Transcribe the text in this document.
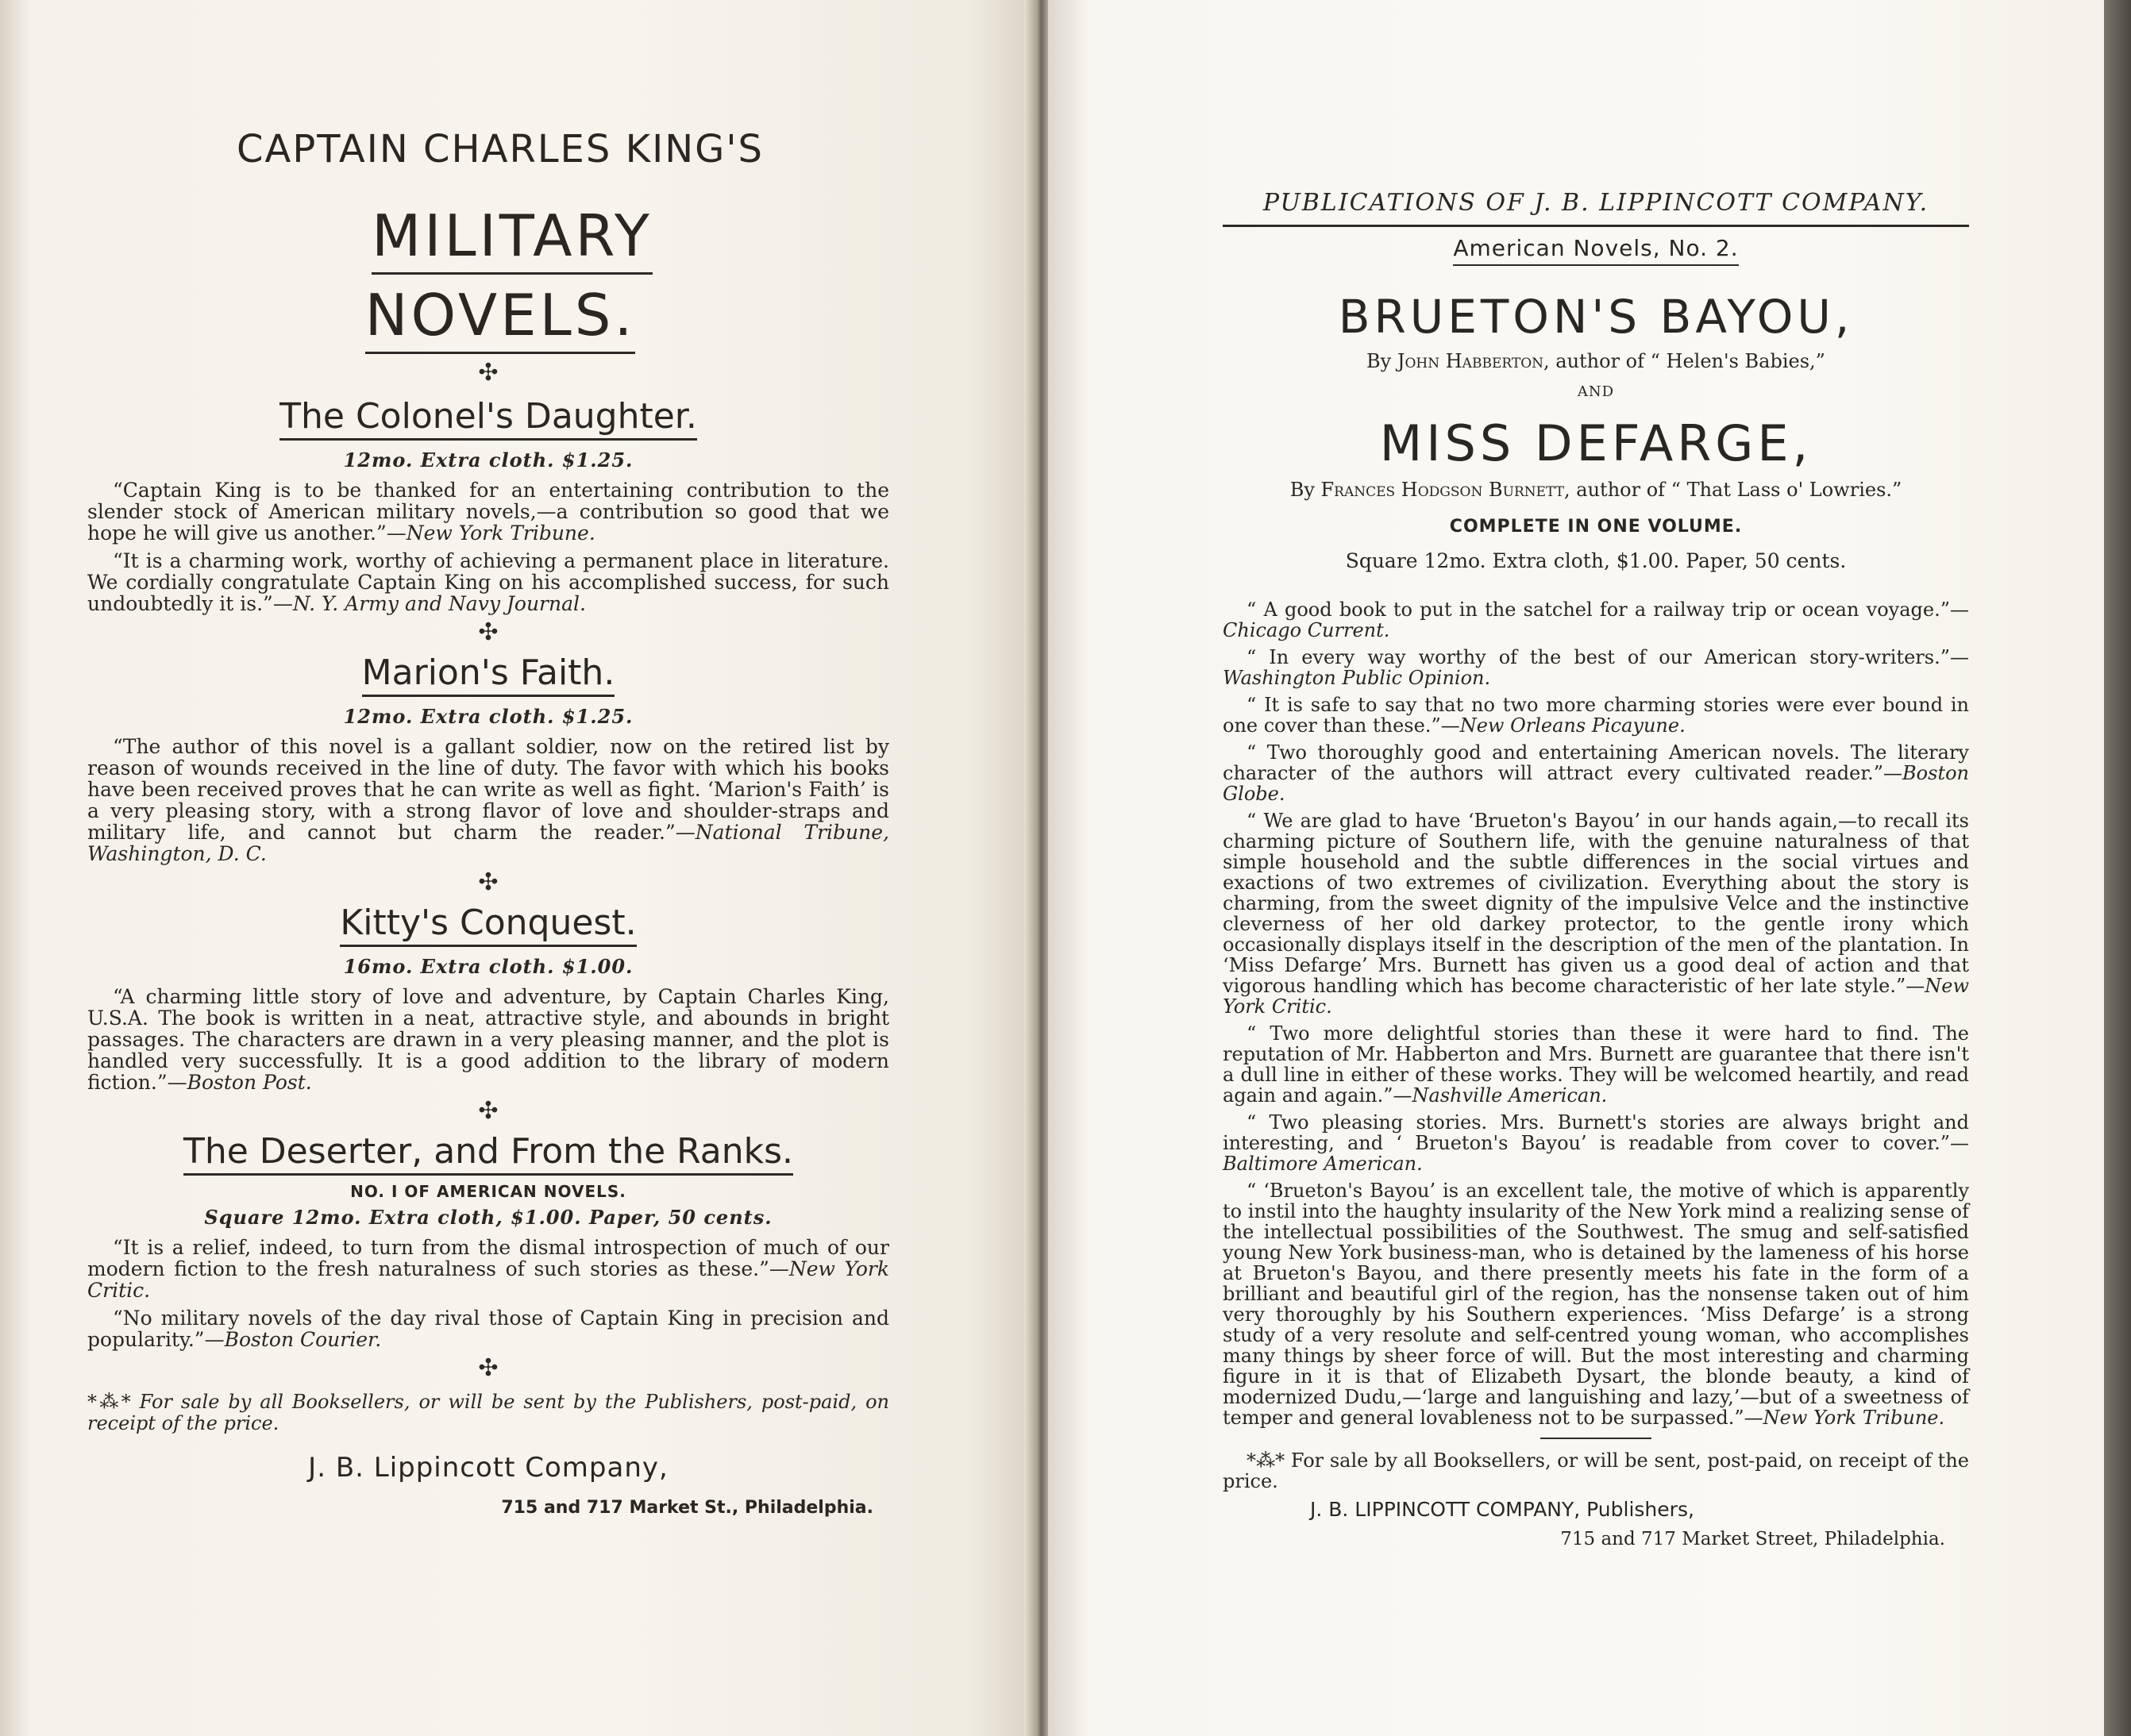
CAPTAIN CHARLES KING'S
MILITARY
NOVELS.
✣
The Colonel's Daughter.
12mo. Extra cloth. $1.25.

“Captain King is to be thanked for an entertaining contribution to the slender stock of American military novels,—a contribution so good that we hope he will give us another.”—New York Tribune.

“It is a charming work, worthy of achieving a permanent place in literature. We cordially congratulate Captain King on his accomplished success, for such undoubtedly it is.”—N. Y. Army and Navy Journal.

✣
Marion's Faith.
12mo. Extra cloth. $1.25.

“The author of this novel is a gallant soldier, now on the retired list by reason of wounds received in the line of duty. The favor with which his books have been received proves that he can write as well as fight. ‘Marion's Faith’ is a very pleasing story, with a strong flavor of love and shoulder-straps and military life, and cannot but charm the reader.”—National Tribune, Washington, D. C.

✣
Kitty's Conquest.
16mo. Extra cloth. $1.00.

“A charming little story of love and adventure, by Captain Charles King, U.S.A. The book is written in a neat, attractive style, and abounds in bright passages. The characters are drawn in a very pleasing manner, and the plot is handled very successfully. It is a good addition to the library of modern fiction.”—Boston Post.

✣
The Deserter, and From the Ranks.
NO. I OF AMERICAN NOVELS.
Square 12mo. Extra cloth, $1.00. Paper, 50 cents.

“It is a relief, indeed, to turn from the dismal introspection of much of our modern fiction to the fresh naturalness of such stories as these.”—New York Critic.

“No military novels of the day rival those of Captain King in precision and popularity.”—Boston Courier.

✣
*⁂* For sale by all Booksellers, or will be sent by the Publishers, post-paid, on receipt of the price.
J. B. Lippincott Company,
715 and 717 Market St., Philadelphia.
PUBLICATIONS OF J. B. LIPPINCOTT COMPANY.
American Novels, No. 2.
BRUETON'S BAYOU,
By John Habberton, author of “ Helen's Babies,”
AND
MISS DEFARGE,
By Frances Hodgson Burnett, author of “ That Lass o' Lowries.”
COMPLETE IN ONE VOLUME.
Square 12mo. Extra cloth, $1.00. Paper, 50 cents.

“ A good book to put in the satchel for a railway trip or ocean voyage.”—Chicago Current.

“ In every way worthy of the best of our American story-writers.”—Washington Public Opinion.

“ It is safe to say that no two more charming stories were ever bound in one cover than these.”—New Orleans Picayune.

“ Two thoroughly good and entertaining American novels. The literary character of the authors will attract every cultivated reader.”—Boston Globe.

“ We are glad to have ‘Brueton's Bayou’ in our hands again,—to recall its charming picture of Southern life, with the genuine naturalness of that simple household and the subtle differences in the social virtues and exactions of two extremes of civilization. Everything about the story is charming, from the sweet dignity of the impulsive Velce and the instinctive cleverness of her old darkey protector, to the gentle irony which occasionally displays itself in the description of the men of the plantation. In ‘Miss Defarge’ Mrs. Burnett has given us a good deal of action and that vigorous handling which has become characteristic of her late style.”—New York Critic.

“ Two more delightful stories than these it were hard to find. The reputation of Mr. Habberton and Mrs. Burnett are guarantee that there isn't a dull line in either of these works. They will be welcomed heartily, and read again and again.”—Nashville American.

“ Two pleasing stories. Mrs. Burnett's stories are always bright and interesting, and ‘ Brueton's Bayou’ is readable from cover to cover.”—Baltimore American.

“ ‘Brueton's Bayou’ is an excellent tale, the motive of which is apparently to instil into the haughty insularity of the New York mind a realizing sense of the intellectual possibilities of the Southwest. The smug and self-satisfied young New York business-man, who is detained by the lameness of his horse at Brueton's Bayou, and there presently meets his fate in the form of a brilliant and beautiful girl of the region, has the nonsense taken out of him very thoroughly by his Southern experiences. ‘Miss Defarge’ is a strong study of a very resolute and self-centred young woman, who accomplishes many things by sheer force of will. But the most interesting and charming figure in it is that of Elizabeth Dysart, the blonde beauty, a kind of modernized Dudu,—‘large and languishing and lazy,’—but of a sweetness of temper and general lovableness not to be surpassed.”—New York Tribune.

*⁂* For sale by all Booksellers, or will be sent, post-paid, on receipt of the price.

J. B. LIPPINCOTT COMPANY, Publishers,
715 and 717 Market Street, Philadelphia.
